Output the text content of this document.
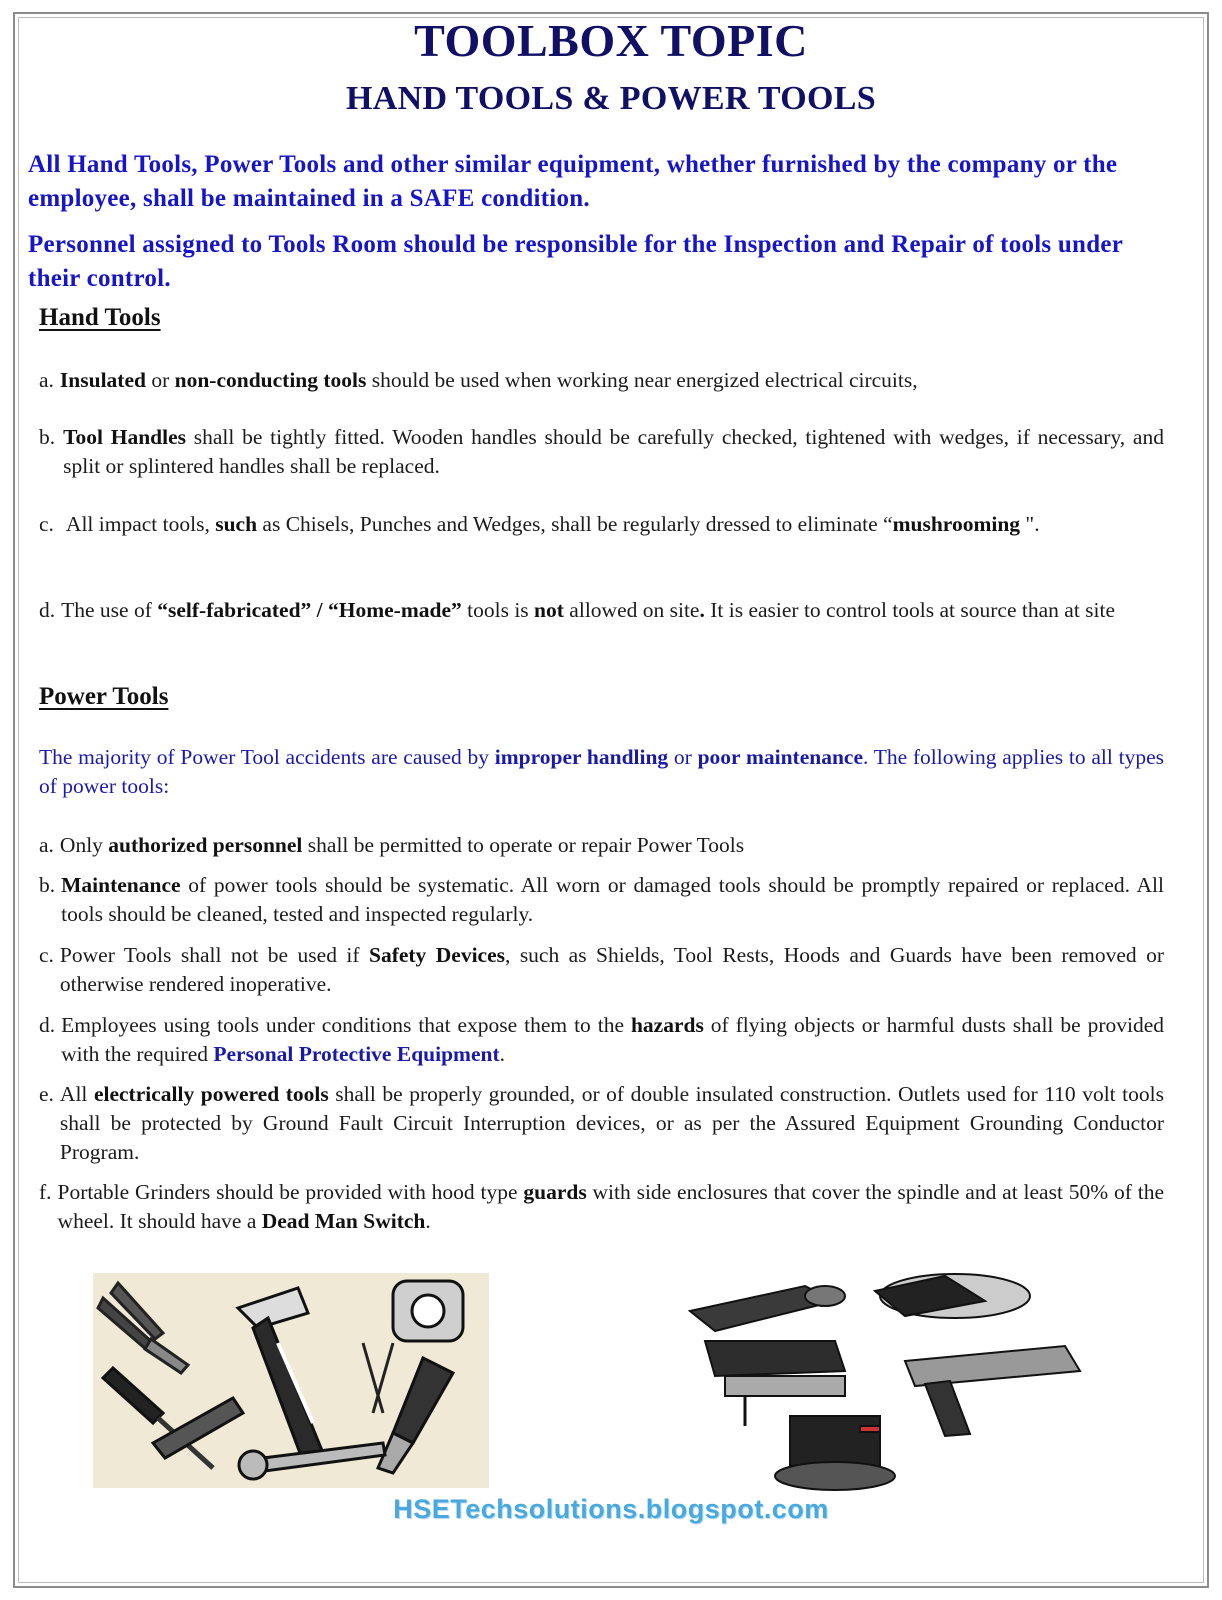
TOOLBOX TOPIC
HAND TOOLS & POWER TOOLS
All Hand Tools, Power Tools and other similar equipment, whether furnished by the company or the employee, shall be maintained in a SAFE condition.
Personnel assigned to Tools Room should be responsible for the Inspection and Repair of tools under their control.
Hand Tools
a. Insulated or non-conducting tools should be used when working near energized electrical circuits,
b. Tool Handles shall be tightly fitted. Wooden handles should be carefully checked, tightened with wedges, if necessary, and split or splintered handles shall be replaced.
c. All impact tools, such as Chisels, Punches and Wedges, shall be regularly dressed to eliminate “mushrooming ".
d. The use of “self-fabricated” / “Home-made” tools is not allowed on site. It is easier to control tools at source than at site
Power Tools
The majority of Power Tool accidents are caused by improper handling or poor maintenance. The following applies to all types of power tools:
a. Only authorized personnel shall be permitted to operate or repair Power Tools
b. Maintenance of power tools should be systematic. All worn or damaged tools should be promptly repaired or replaced. All tools should be cleaned, tested and inspected regularly.
c. Power Tools shall not be used if Safety Devices, such as Shields, Tool Rests, Hoods and Guards have been removed or otherwise rendered inoperative.
d. Employees using tools under conditions that expose them to the hazards of flying objects or harmful dusts shall be provided with the required Personal Protective Equipment.
e. All electrically powered tools shall be properly grounded, or of double insulated construction. Outlets used for 110 volt tools shall be protected by Ground Fault Circuit Interruption devices, or as per the Assured Equipment Grounding Conductor Program.
f. Portable Grinders should be provided with hood type guards with side enclosures that cover the spindle and at least 50% of the wheel. It should have a Dead Man Switch.
HSETechsolutions.blogspot.com
